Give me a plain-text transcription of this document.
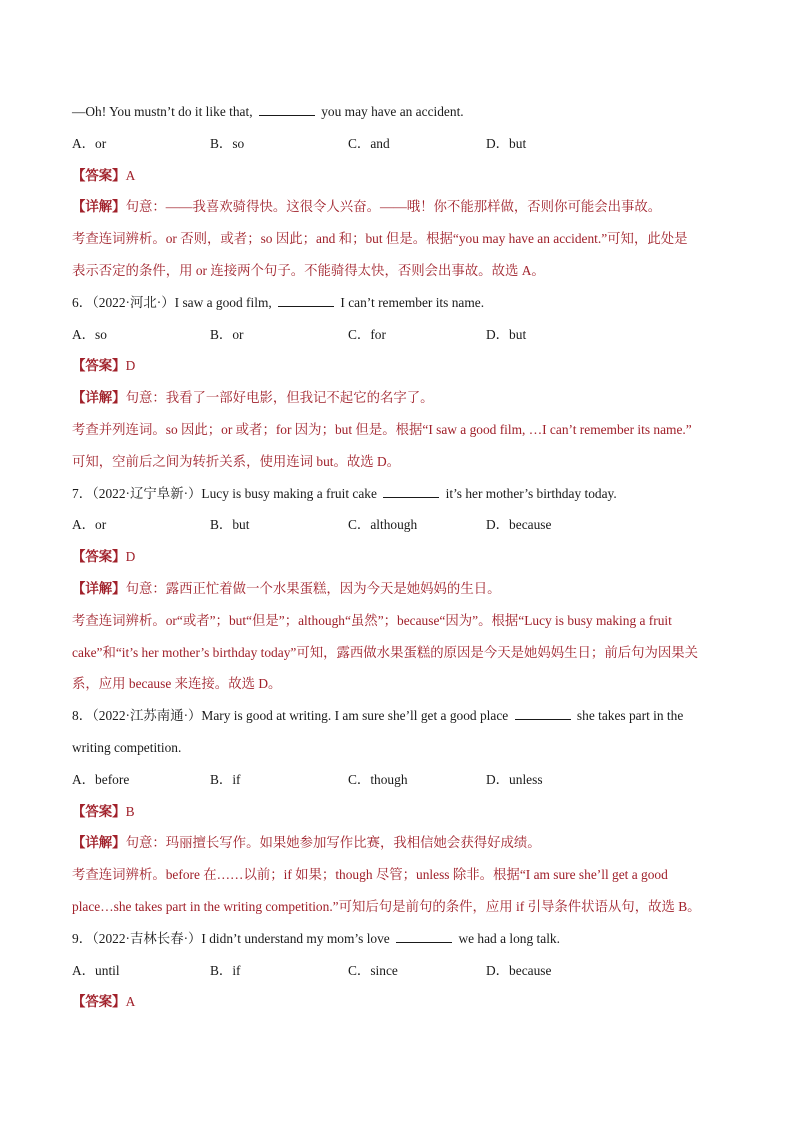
—Oh! You mustn’t do it like that,	you may have an accident.
A．or	B．so	C．and	D．but
【答案】A
【详解】句意：——我喜欢骑得快。这很令人兴奋。——哦！你不能那样做，否则你可能会出事故。
考查连词辨析。or 否则，或者；so 因此；and 和；but 但是。根据“you may have an accident.”可知，此处是
表示否定的条件，用 or 连接两个句子。不能骑得太快，否则会出事故。故选 A。
6．（2022·河北·）I saw a good film,	I can’t remember its name.
A．so	B．or	C．for	D．but
【答案】D
【详解】句意：我看了一部好电影，但我记不起它的名字了。
考查并列连词。so 因此；or 或者；for 因为；but 但是。根据“I saw a good film, …I can’t remember its name.”
可知，空前后之间为转折关系，使用连词 but。故选 D。
7．（2022·辽宁阜新·）Lucy is busy making a fruit cake	it’s her mother’s birthday today.
A．or	B．but	C．although	D．because
【答案】D
【详解】句意：露西正忙着做一个水果蛋糕，因为今天是她妈妈的生日。
考查连词辨析。or“或者”；but“但是”；although“虽然”；because“因为”。根据“Lucy is busy making a fruit
cake”和“it’s her mother’s birthday today”可知，露西做水果蛋糕的原因是今天是她妈妈生日；前后句为因果关
系，应用 because 来连接。故选 D。
8．（2022·江苏南通·）Mary is good at writing. I am sure she’ll get a good place	she takes part in the
writing competition.
A．before	B．if	C．though	D．unless
【答案】B
【详解】句意：玛丽擅长写作。如果她参加写作比赛，我相信她会获得好成绩。
考查连词辨析。before 在……以前；if 如果；though 尽管；unless 除非。根据“I am sure she’ll get a good
place…she takes part in the writing competition.”可知后句是前句的条件，应用 if 引导条件状语从句，故选 B。
9．（2022·吉林长春·）I didn’t understand my mom’s love	we had a long talk.
A．until	B．if	C．since	D．because
【答案】A
